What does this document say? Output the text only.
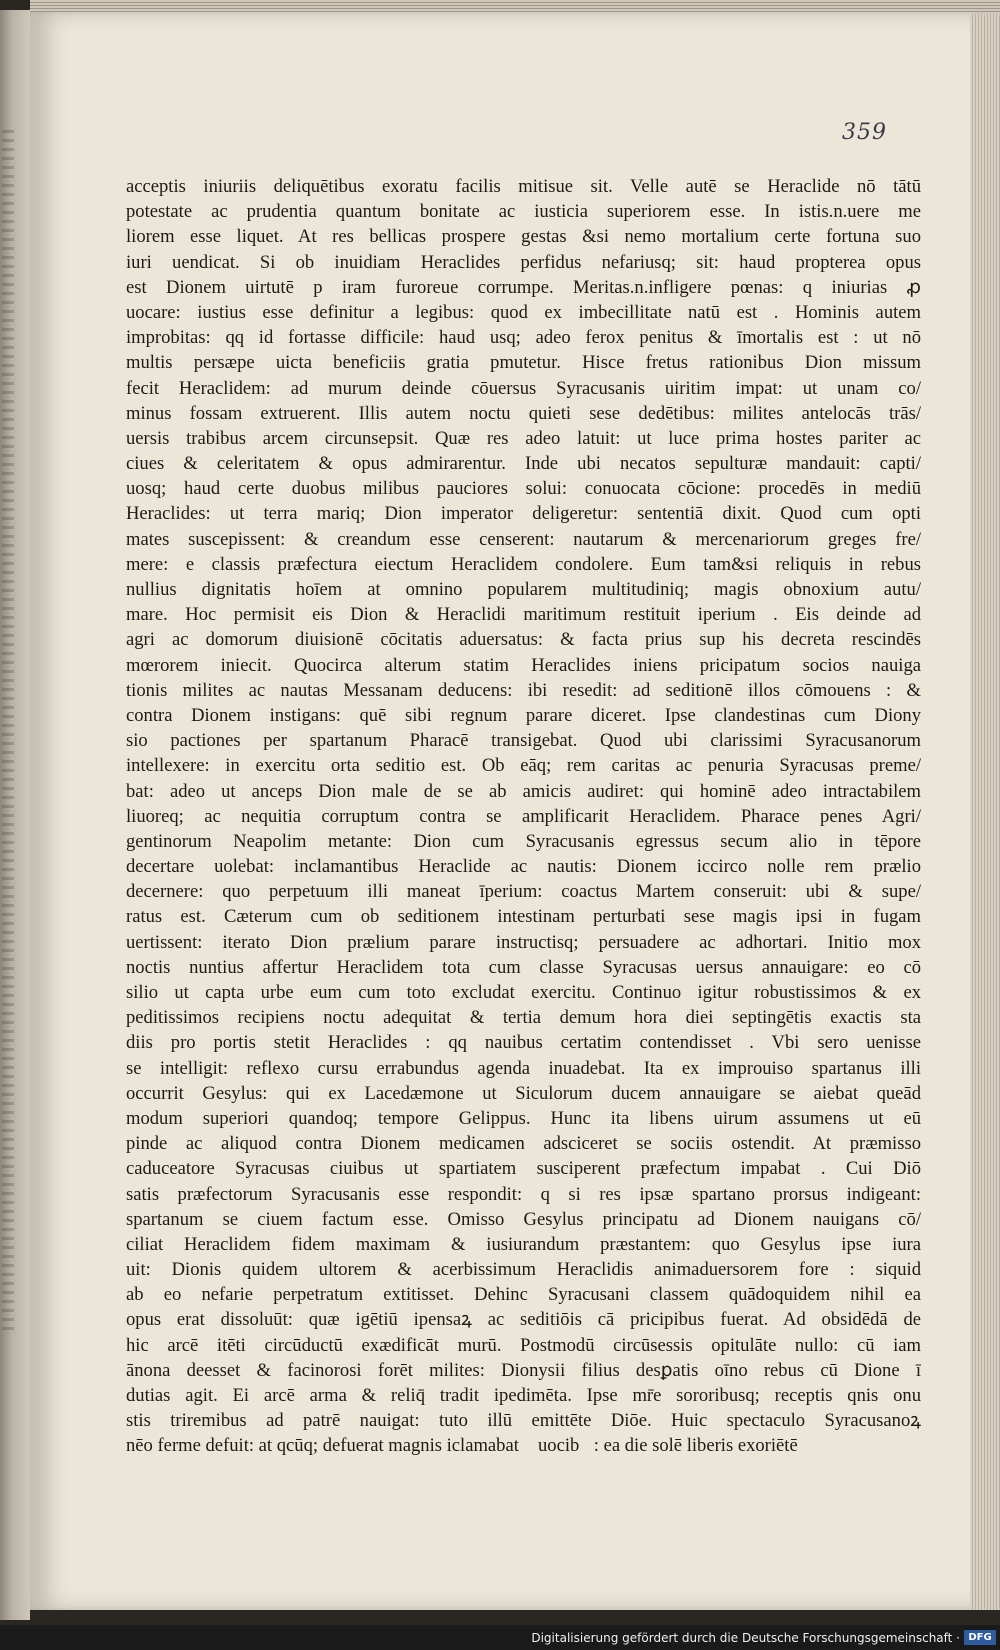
359
acceptis iniuriis deliquētibus exoratu facilis mitisue sit. Velle autē se Heraclide nō tātū
potestate ac prudentia quantum bonitate ac iusticia superiorem esse. In istis.n.uere me
liorem esse liquet. At res bellicas prospere gestas &si nemo mortalium certe fortuna suo
iuri uendicat. Si ob inuidiam Heraclides perfidus nefariusq; sit: haud propterea opus
est Dionem uirtutē p iram furoreue corrumpe. Meritas.n.infligere pœnas: q iniurias ꝓ
uocare: iustius esse definitur a legibus: quod ex imbecillitate natū est . Hominis autem
improbitas: qq id fortasse difficile: haud usq; adeo ferox penitus & īmortalis est : ut nō
multis persæpe uicta beneficiis gratia pmutetur. Hisce fretus rationibus Dion missum
fecit Heraclidem: ad murum deinde cōuersus Syracusanis uiritim impat: ut unam co/
minus fossam extruerent. Illis autem noctu quieti sese dedētibus: milites antelocās trās/
uersis trabibus arcem circunsepsit. Quæ res adeo latuit: ut luce prima hostes pariter ac
ciues & celeritatem & opus admirarentur. Inde ubi necatos sepulturæ mandauit: capti/
uosq; haud certe duobus milibus pauciores solui: conuocata cōcione: procedēs in mediū
Heraclides: ut terra mariq; Dion imperator deligeretur: sententiā dixit. Quod cum opti
mates suscepissent: & creandum esse censerent: nautarum & mercenariorum greges fre/
mere: e classis præfectura eiectum Heraclidem condolere. Eum tam&si reliquis in rebus
nullius dignitatis hoīem at omnino popularem multitudiniq; magis obnoxium autu/
mare. Hoc permisit eis Dion & Heraclidi maritimum restituit iperium . Eis deinde ad
agri ac domorum diuisionē cōcitatis aduersatus: & facta prius sup his decreta rescindēs
mœrorem iniecit. Quocirca alterum statim Heraclides iniens pricipatum socios nauiga
tionis milites ac nautas Messanam deducens: ibi resedit: ad seditionē illos cōmouens : &
contra Dionem instigans: quē sibi regnum parare diceret. Ipse clandestinas cum Diony
sio pactiones per spartanum Pharacē transigebat. Quod ubi clarissimi Syracusanorum
intellexere: in exercitu orta seditio est. Ob eāq; rem caritas ac penuria Syracusas preme/
bat: adeo ut anceps Dion male de se ab amicis audiret: qui hominē adeo intractabilem
liuoreq; ac nequitia corruptum contra se amplificarit Heraclidem. Pharace penes Agri/
gentinorum Neapolim metante: Dion cum Syracusanis egressus secum alio in tēpore
decertare uolebat: inclamantibus Heraclide ac nautis: Dionem iccirco nolle rem prælio
decernere: quo perpetuum illi maneat īperium: coactus Martem conseruit: ubi & supe/
ratus est. Cæterum cum ob seditionem intestinam perturbati sese magis ipsi in fugam
uertissent: iterato Dion prælium parare instructisq; persuadere ac adhortari. Initio mox
noctis nuntius affertur Heraclidem tota cum classe Syracusas uersus annauigare: eo cō
silio ut capta urbe eum cum toto excludat exercitu. Continuo igitur robustissimos & ex
peditissimos recipiens noctu adequitat & tertia demum hora diei septingētis exactis sta
diis pro portis stetit Heraclides : qq nauibus certatim contendisset . Vbi sero uenisse
se intelligit: reflexo cursu errabundus agenda inuadebat. Ita ex improuiso spartanus illi
occurrit Gesylus: qui ex Lacedæmone ut Siculorum ducem annauigare se aiebat queād
modum superiori quandoq; tempore Gelippus. Hunc ita libens uirum assumens ut eū
pinde ac aliquod contra Dionem medicamen adsciceret se sociis ostendit. At præmisso
caduceatore Syracusas ciuibus ut spartiatem susciperent præfectum impabat . Cui Diō
satis præfectorum Syracusanis esse respondit: q si res ipsæ spartano prorsus indigeant:
spartanum se ciuem factum esse. Omisso Gesylus principatu ad Dionem nauigans cō/
ciliat Heraclidem fidem maximam & iusiurandum præstantem: quo Gesylus ipse iura
uit: Dionis quidem ultorem & acerbissimum Heraclidis animaduersorem fore : siquid
ab eo nefarie perpetratum extitisset. Dehinc Syracusani classem quādoquidem nihil ea
opus erat dissoluūt: quæ igētiū ipensaꝝ ac seditiōis cā pricipibus fuerat. Ad obsidēdā de
hic arcē itēti circūductū exædificāt murū. Postmodū circūsessis opitulāte nullo: cū iam
ānona deesset & facinorosi forēt milites: Dionysii filius desꝑatis oīno rebus cū Dione ī
dutias agit. Ei arcē arma & reliq̄ tradit ipedimēta. Ipse mr̄e sororibusq; receptis qnis onu
stis triremibus ad patrē nauigat: tuto illū emittēte Diōe. Huic spectaculo Syracusanoꝝ
nēo ferme defuit: at qcūq; defuerat magnis iclamabatᷓ uocibᷓ: ea die solē liberis exoriētē
Digitalisierung gefördert durch die Deutsche Forschungsgemeinschaft · DFG
